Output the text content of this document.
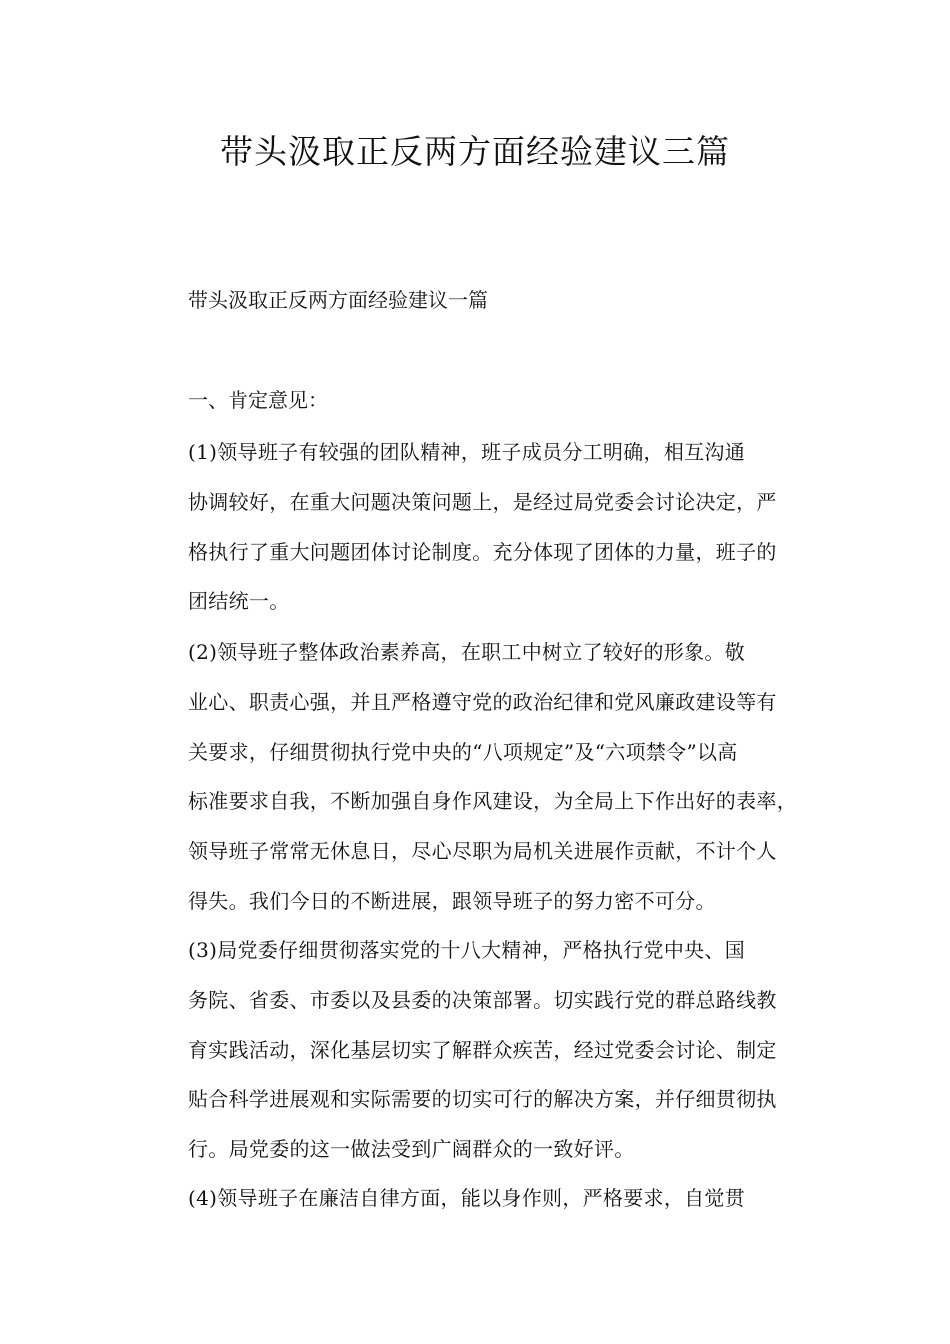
带头汲取正反两方面经验建议三篇

带头汲取正反两方面经验建议一篇

一、肯定意见：

(1)领导班子有较强的团队精神，班子成员分工明确，相互沟通
协调较好，在重大问题决策问题上，是经过局党委会讨论决定，严
格执行了重大问题团体讨论制度。充分体现了团体的力量，班子的
团结统一。

(2)领导班子整体政治素养高，在职工中树立了较好的形象。敬
业心、职责心强，并且严格遵守党的政治纪律和党风廉政建设等有
关要求，仔细贯彻执行党中央的“八项规定”及“六项禁令”以高
标准要求自我，不断加强自身作风建设，为全局上下作出好的表率，
领导班子常常无休息日，尽心尽职为局机关进展作贡献，不计个人
得失。我们今日的不断进展，跟领导班子的努力密不可分。

(3)局党委仔细贯彻落实党的十八大精神，严格执行党中央、国
务院、省委、市委以及县委的决策部署。切实践行党的群总路线教
育实践活动，深化基层切实了解群众疾苦，经过党委会讨论、制定
贴合科学进展观和实际需要的切实可行的解决方案，并仔细贯彻执
行。局党委的这一做法受到广阔群众的一致好评。

(4)领导班子在廉洁自律方面，能以身作则，严格要求，自觉贯
